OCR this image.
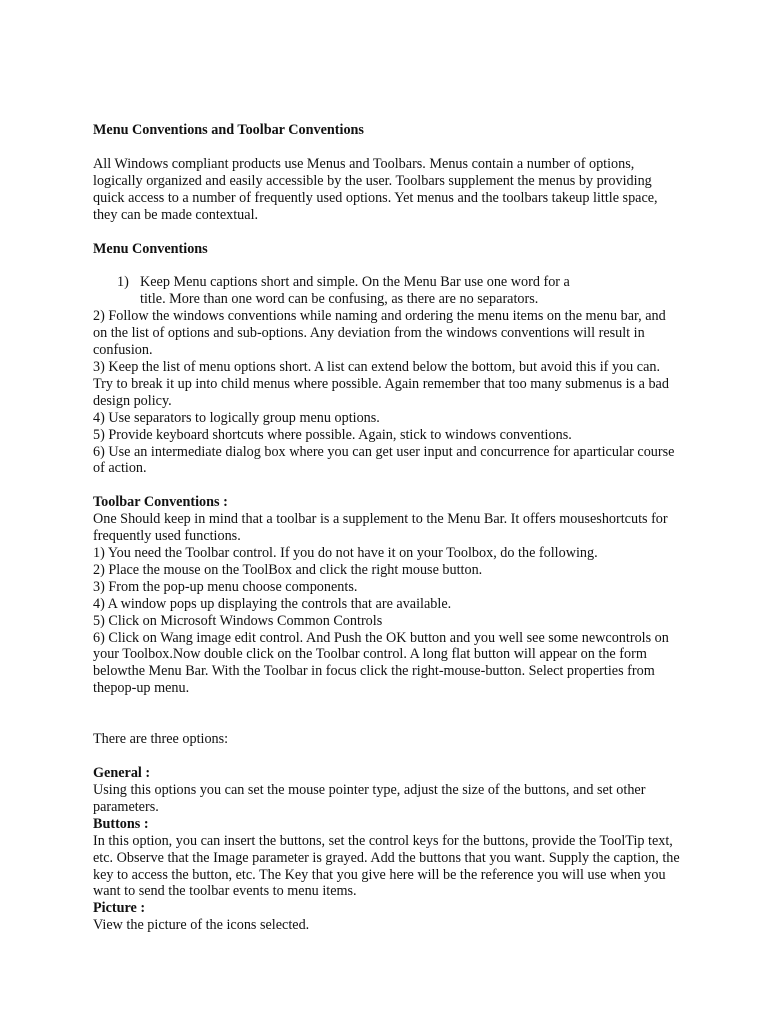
Menu Conventions and Toolbar Conventions

All Windows compliant products use Menus and Toolbars. Menus contain a number of options, logically organized and easily accessible by the user. Toolbars supplement the menus by providing quick access to a number of frequently used options. Yet menus and the toolbars takeup little space, they can be made contextual.

Menu Conventions

1) Keep Menu captions short and simple. On the Menu Bar use one word for a

title. More than one word can be confusing, as there are no separators.

2) Follow the windows conventions while naming and ordering the menu items on the menu bar, and on the list of options and sub-options. Any deviation from the windows conventions will result in confusion.

3) Keep the list of menu options short. A list can extend below the bottom, but avoid this if you can. Try to break it up into child menus where possible. Again remember that too many submenus is a bad design policy.

4) Use separators to logically group menu options.

5) Provide keyboard shortcuts where possible. Again, stick to windows conventions.

6) Use an intermediate dialog box where you can get user input and concurrence for aparticular course of action.

Toolbar Conventions :

One Should keep in mind that a toolbar is a supplement to the Menu Bar. It offers mouseshortcuts for frequently used functions.

1) You need the Toolbar control. If you do not have it on your Toolbox, do the following.

2) Place the mouse on the ToolBox and click the right mouse button.

3) From the pop-up menu choose components.

4) A window pops up displaying the controls that are available.

5) Click on Microsoft Windows Common Controls

6) Click on Wang image edit control. And Push the OK button and you well see some newcontrols on your Toolbox.Now double click on the Toolbar control. A long flat button will appear on the form belowthe Menu Bar. With the Toolbar in focus click the right-mouse-button. Select properties from thepop-up menu.

There are three options:

General :

Using this options you can set the mouse pointer type, adjust the size of the buttons, and set other parameters.

Buttons :

In this option, you can insert the buttons, set the control keys for the buttons, provide the ToolTip text, etc. Observe that the Image parameter is grayed. Add the buttons that you want. Supply the caption, the key to access the button, etc. The Key that you give here will be the reference you will use when you want to send the toolbar events to menu items.

Picture :

View the picture of the icons selected.
